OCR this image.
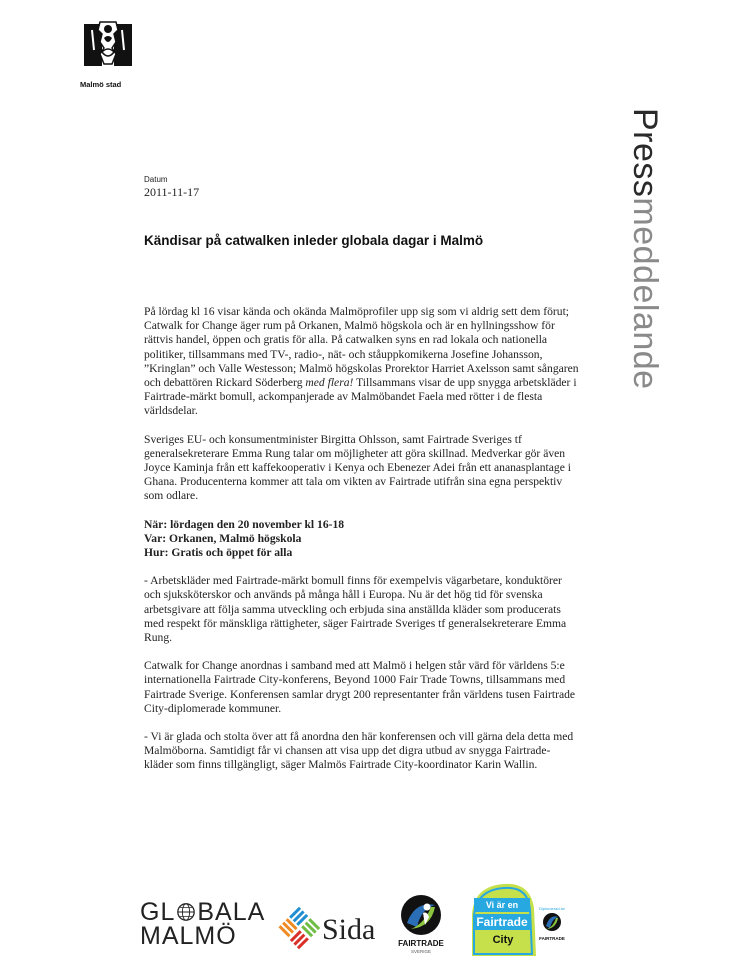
Malmö stad
Pressmeddelande
Datum
2011-11-17
Kändisar på catwalken inleder globala dagar i Malmö

På lördag kl 16 visar kända och okända Malmöprofiler upp sig som vi aldrig sett dem förut; Catwalk for Change äger rum på Orkanen, Malmö högskola och är en hyllningsshow för rättvis handel, öppen och gratis för alla. På catwalken syns en rad lokala och nationella politiker, tillsammans med TV-, radio-, nät- och ståuppkomikerna Josefine Johansson, ”Kringlan” och Valle Westesson; Malmö högskolas Prorektor Harriet Axelsson samt sångaren och debattören Rickard Söderberg med flera! Tillsammans visar de upp snygga arbetskläder i Fairtrade-märkt bomull, ackompanjerade av Malmöbandet Faela med rötter i de flesta världsdelar.

Sveriges EU- och konsumentminister Birgitta Ohlsson, samt Fairtrade Sveriges tf generalsekreterare Emma Rung talar om möjligheter att göra skillnad. Medverkar gör även Joyce Kaminja från ett kaffekooperativ i Kenya och Ebenezer Adei från ett ananasplantage i Ghana. Producenterna kommer att tala om vikten av Fairtrade utifrån sina egna perspektiv som odlare.

När: lördagen den 20 november kl 16-18
Var: Orkanen, Malmö högskola
Hur: Gratis och öppet för alla

- Arbetskläder med Fairtrade-märkt bomull finns för exempelvis vägarbetare, konduktörer och sjuksköterskor och används på många håll i Europa. Nu är det hög tid för svenska arbetsgivare att följa samma utveckling och erbjuda sina anställda kläder som producerats med respekt för mänskliga rättigheter, säger Fairtrade Sveriges tf generalsekreterare Emma Rung.

Catwalk for Change anordnas i samband med att Malmö i helgen står värd för världens 5:e internationella Fairtrade City-konferens, Beyond 1000 Fair Trade Towns, tillsammans med Fairtrade Sverige. Konferensen samlar drygt 200 representanter från världens tusen Fairtrade City-diplomerade kommuner.

- Vi är glada och stolta över att få anordna den här konferensen och vill gärna dela detta med Malmöborna. Samtidigt får vi chansen att visa upp det digra utbud av snygga Fairtrade-kläder som finns tillgängligt, säger Malmös Fairtrade City-koordinator Karin Wallin.

GL BALA
MALMÖ	Sida	FAIRTRADE
SVERIGE
Vi är en
Fairtrade
City
Diplomerad av
FAIRTRADE
